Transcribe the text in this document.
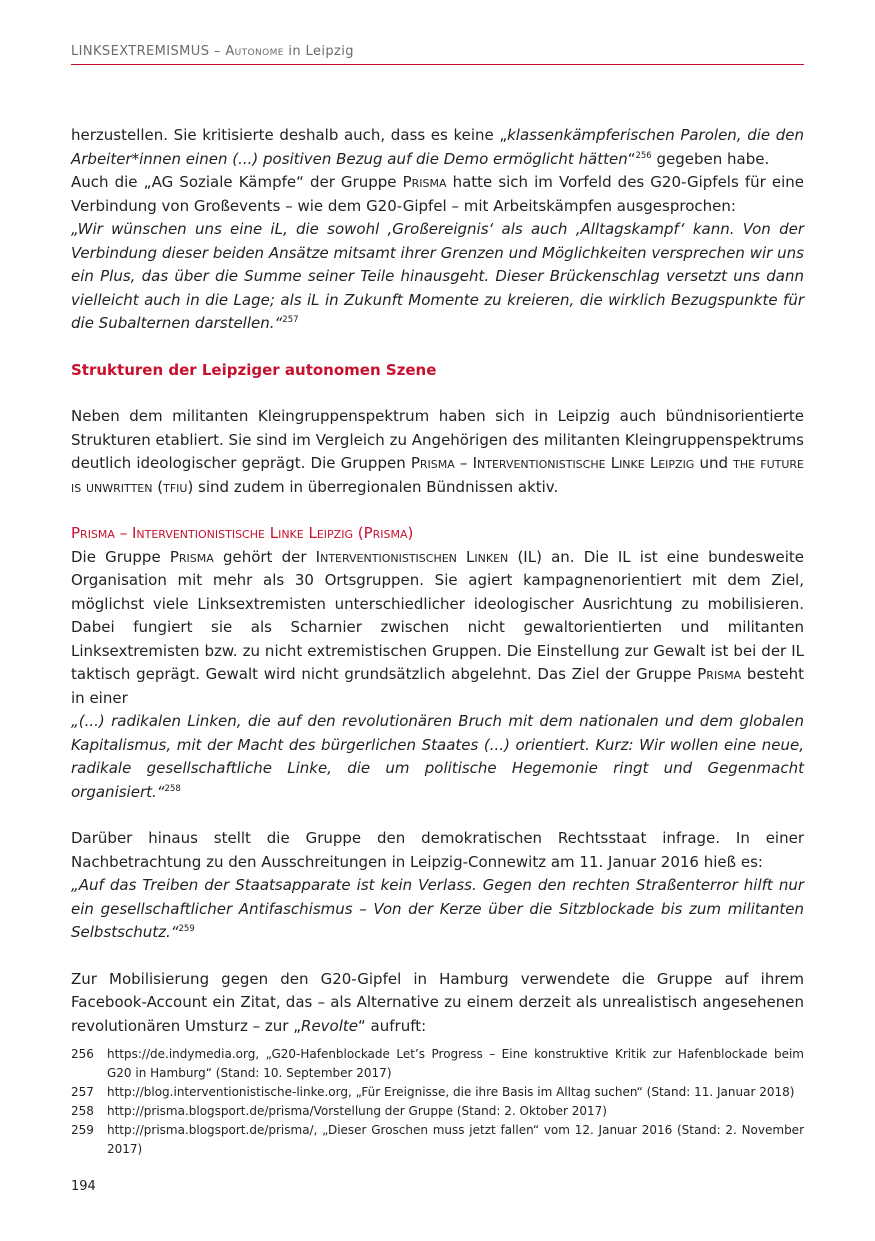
LINKSEXTREMISMUS – Autonome in Leipzig

herzustellen. Sie kritisierte deshalb auch, dass es keine „klassenkämpferischen Parolen, die den Arbeiter*innen einen (...) positiven Bezug auf die Demo ermöglicht hätten“$^{256}$ gegeben habe.

Auch die „AG Soziale Kämpfe“ der Gruppe Prisma hatte sich im Vorfeld des G20-Gipfels für eine Verbindung von Großevents – wie dem G20-Gipfel – mit Arbeitskämpfen ausgesprochen:

„Wir wünschen uns eine iL, die sowohl ‚Großereignis‘ als auch ‚Alltagskampf‘ kann. Von der Verbindung dieser beiden Ansätze mitsamt ihrer Grenzen und Möglichkeiten versprechen wir uns ein Plus, das über die Summe seiner Teile hinausgeht. Dieser Brückenschlag versetzt uns dann vielleicht auch in die Lage; als iL in Zukunft Momente zu kreieren, die wirklich Bezugspunkte für die Subalternen darstellen.“$^{257}$

Strukturen der Leipziger autonomen Szene

Neben dem militanten Kleingruppenspektrum haben sich in Leipzig auch bündnisorientierte Strukturen etabliert. Sie sind im Vergleich zu Angehörigen des militanten Kleingruppenspektrums deutlich ideologischer geprägt. Die Gruppen Prisma – Interventionistische Linke Leipzig und the future is unwritten (tfiu) sind zudem in überregionalen Bündnissen aktiv.

Prisma – Interventionistische Linke Leipzig (Prisma)

Die Gruppe Prisma gehört der Interventionistischen Linken (IL) an. Die IL ist eine bundesweite Organisation mit mehr als 30 Ortsgruppen. Sie agiert kampagnenorientiert mit dem Ziel, möglichst viele Linksextremisten unterschiedlicher ideologischer Ausrichtung zu mobilisieren. Dabei fungiert sie als Scharnier zwischen nicht gewaltorientierten und militanten Linksextremisten bzw. zu nicht extremistischen Gruppen. Die Einstellung zur Gewalt ist bei der IL taktisch geprägt. Gewalt wird nicht grundsätzlich abgelehnt. Das Ziel der Gruppe Prisma besteht in einer

„(...) radikalen Linken, die auf den revolutionären Bruch mit dem nationalen und dem globalen Kapitalismus, mit der Macht des bürgerlichen Staates (...) orientiert. Kurz: Wir wollen eine neue, radikale gesellschaftliche Linke, die um politische Hegemonie ringt und Gegenmacht organisiert.“$^{258}$

Darüber hinaus stellt die Gruppe den demokratischen Rechtsstaat infrage. In einer Nachbetrachtung zu den Ausschreitungen in Leipzig-Connewitz am 11. Januar 2016 hieß es:

„Auf das Treiben der Staatsapparate ist kein Verlass. Gegen den rechten Straßenterror hilft nur ein gesellschaftlicher Antifaschismus – Von der Kerze über die Sitzblockade bis zum militanten Selbstschutz.“$^{259}$

Zur Mobilisierung gegen den G20-Gipfel in Hamburg verwendete die Gruppe auf ihrem Facebook-Account ein Zitat, das – als Alternative zu einem derzeit als unrealistisch angesehenen revolutionären Umsturz – zur „Revolte“ aufruft:

256	https://de.indymedia.org, „G20-Hafenblockade Let’s Progress – Eine konstruktive Kritik zur Hafenblockade beim G20 in Hamburg“ (Stand: 10. September 2017)
257	http://blog.interventionistische-linke.org, „Für Ereignisse, die ihre Basis im Alltag suchen“ (Stand: 11. Januar 2018)
258	http://prisma.blogsport.de/prisma/Vorstellung der Gruppe (Stand: 2. Oktober 2017)
259	http://prisma.blogsport.de/prisma/, „Dieser Groschen muss jetzt fallen“ vom 12. Januar 2016 (Stand: 2. November 2017)
194
